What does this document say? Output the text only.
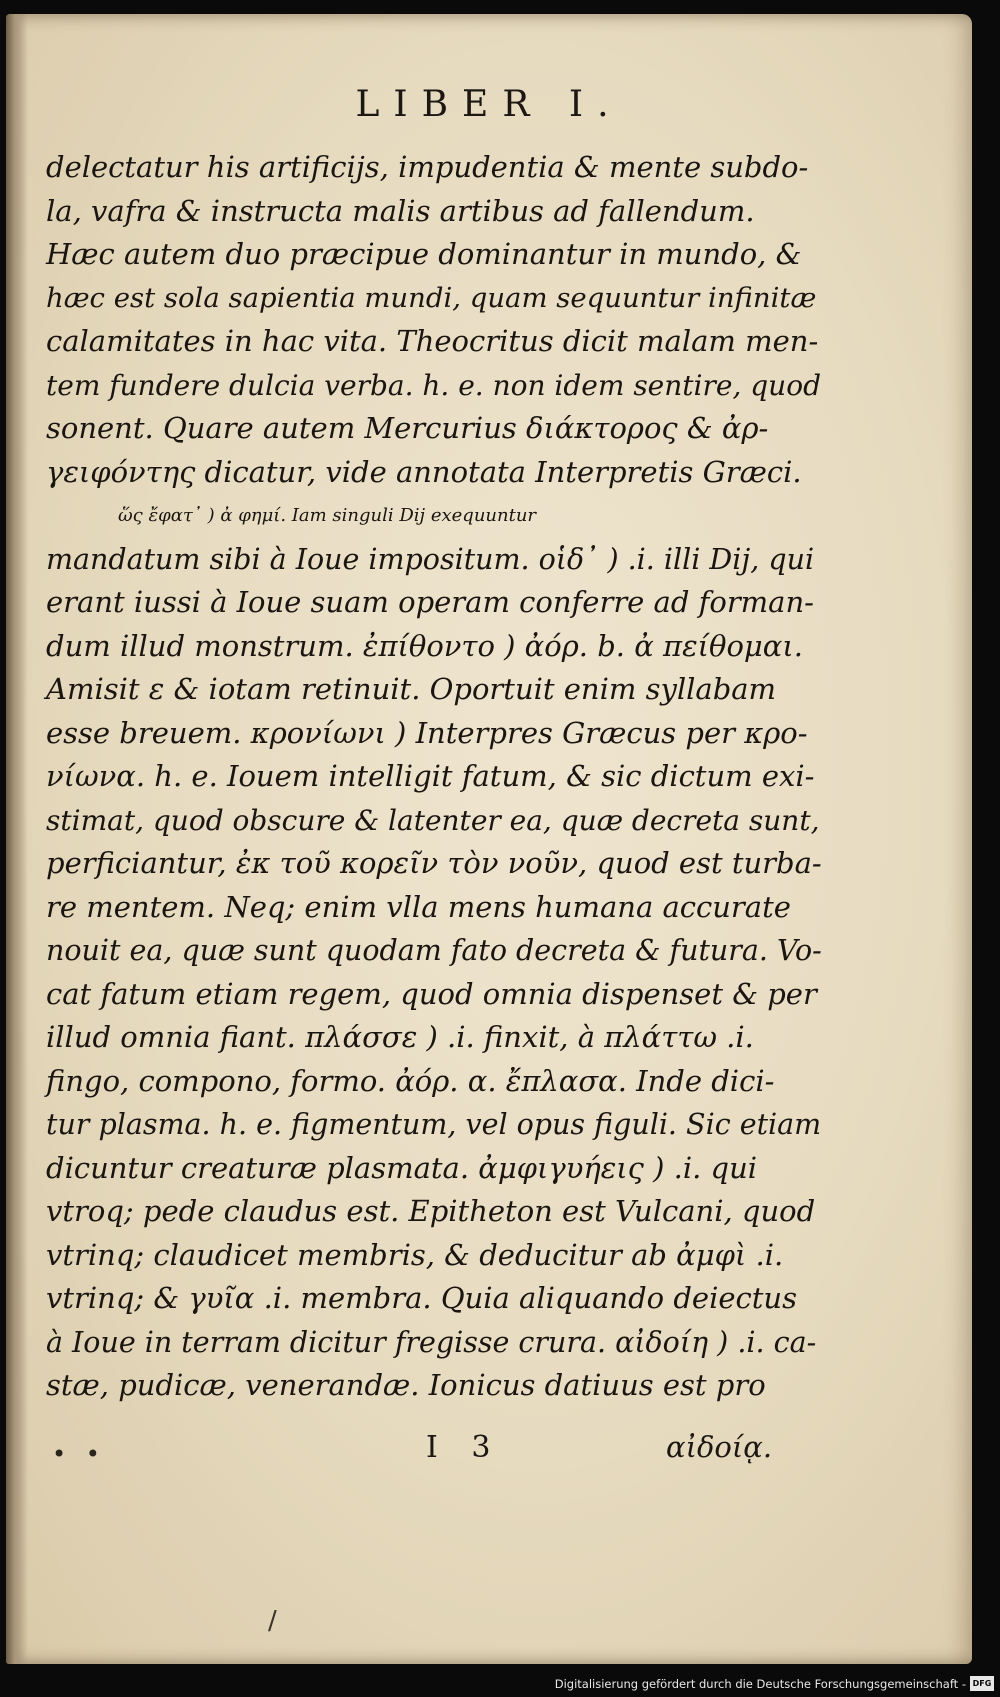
LIBER I.
delectatur his artificijs, impudentia & mente subdo-
la, vafra & instructa malis artibus ad fallendum.
Hæc autem duo præcipue dominantur in mundo, &
hæc est sola sapientia mundi, quam sequuntur infinitæ
calamitates in hac vita. Theocritus dicit malam men-
tem fundere dulcia verba. h. e. non idem sentire, quod
sonent. Quare autem Mercurius διάκτορος & ἀρ-
γειφόντης dicatur, vide annotata Interpretis Græci.
ὥς ἔφατ᾽ ) ἀ φημί. Iam singuli Dij exequuntur
mandatum sibi à Ioue impositum. οἱδ᾽ ) .i. illi Dij, qui
erant iussi à Ioue suam operam conferre ad forman-
dum illud monstrum. ἐπίθοντο ) ἀόρ. b. ἀ πείθομαι.
Amisit ε & iotam retinuit. Oportuit enim syllabam
esse breuem. κρονίωνι ) Interpres Græcus per κρο-
νίωνα. h. e. Iouem intelligit fatum, & sic dictum exi-
stimat, quod obscure & latenter ea, quæ decreta sunt,
perficiantur, ἐκ τοῦ κορεῖν τὸν νοῦν, quod est turba-
re mentem. Neq; enim vlla mens humana accurate
nouit ea, quæ sunt quodam fato decreta & futura. Vo-
cat fatum etiam regem, quod omnia dispenset & per
illud omnia fiant. πλάσσε ) .i. finxit, à πλάττω .i.
fingo, compono, formo. ἀόρ. α. ἔπλασα. Inde dici-
tur plasma. h. e. figmentum, vel opus figuli. Sic etiam
dicuntur creaturæ plasmata. ἀμφιγυήεις ) .i. qui
vtroq; pede claudus est. Epitheton est Vulcani, quod
vtrinq; claudicet membris, & deducitur ab ἀμφὶ .i.
vtrinq; & γυῖα .i. membra. Quia aliquando deiectus
à Ioue in terram dicitur fregisse crura. αἰδοίη ) .i. ca-
stæ, pudicæ, venerandæ. Ionicus datiuus est pro
• •	I 3	αἰδοίᾳ.
/
Digitalisierung gefördert durch die Deutsche Forschungsgemeinschaft - DFG
